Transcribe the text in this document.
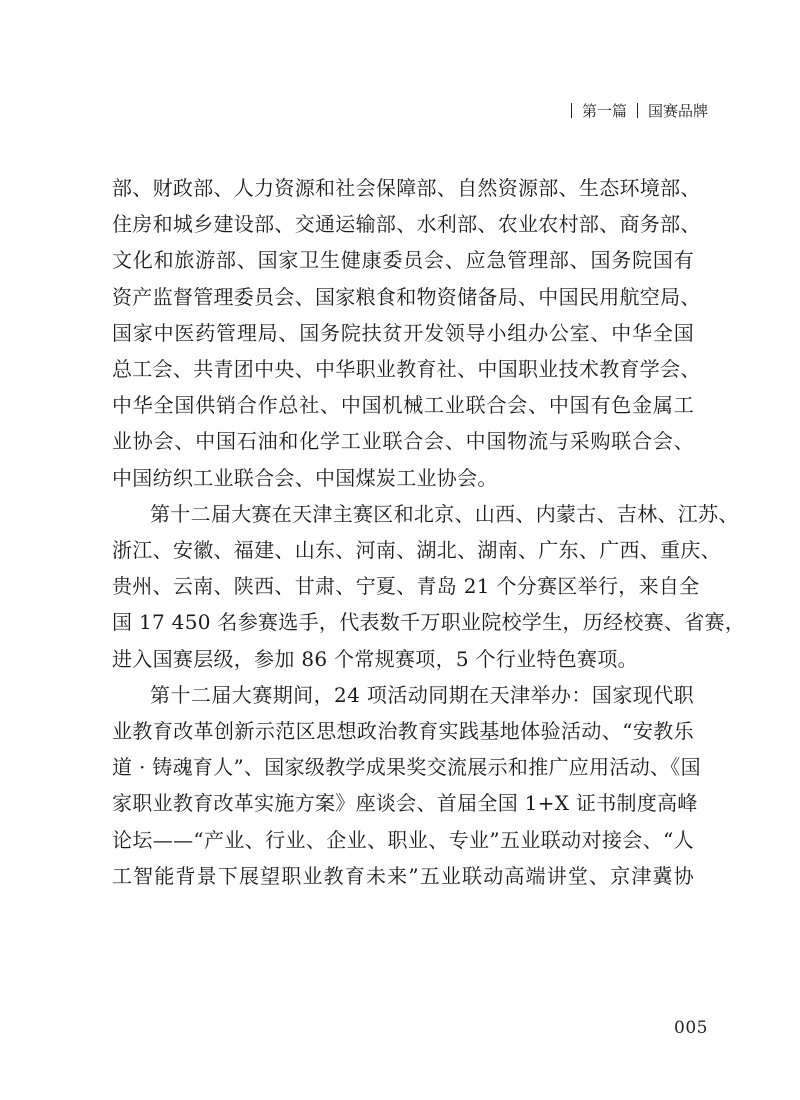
第一篇 国赛品牌
部、财政部、人力资源和社会保障部、自然资源部、生态环境部、
住房和城乡建设部、交通运输部、水利部、农业农村部、商务部、
文化和旅游部、国家卫生健康委员会、应急管理部、国务院国有
资产监督管理委员会、国家粮食和物资储备局、中国民用航空局、
国家中医药管理局、国务院扶贫开发领导小组办公室、中华全国
总工会、共青团中央、中华职业教育社、中国职业技术教育学会、
中华全国供销合作总社、中国机械工业联合会、中国有色金属工
业协会、中国石油和化学工业联合会、中国物流与采购联合会、
中国纺织工业联合会、中国煤炭工业协会。
第十二届大赛在天津主赛区和北京、山西、内蒙古、吉林、江苏、
浙江、安徽、福建、山东、河南、湖北、湖南、广东、广西、重庆、
贵州、云南、陕西、甘肃、宁夏、青岛 21 个分赛区举行，来自全
国 17 450 名参赛选手，代表数千万职业院校学生，历经校赛、省赛，
进入国赛层级，参加 86 个常规赛项，5 个行业特色赛项。
第十二届大赛期间，24 项活动同期在天津举办：国家现代职
业教育改革创新示范区思想政治教育实践基地体验活动、“安教乐
道 · 铸魂育人”、国家级教学成果奖交流展示和推广应用活动、《国
家职业教育改革实施方案》座谈会、首届全国 1+X 证书制度高峰
论坛——“产业、行业、企业、职业、专业”五业联动对接会、“人
工智能背景下展望职业教育未来”五业联动高端讲堂、京津冀协
005
